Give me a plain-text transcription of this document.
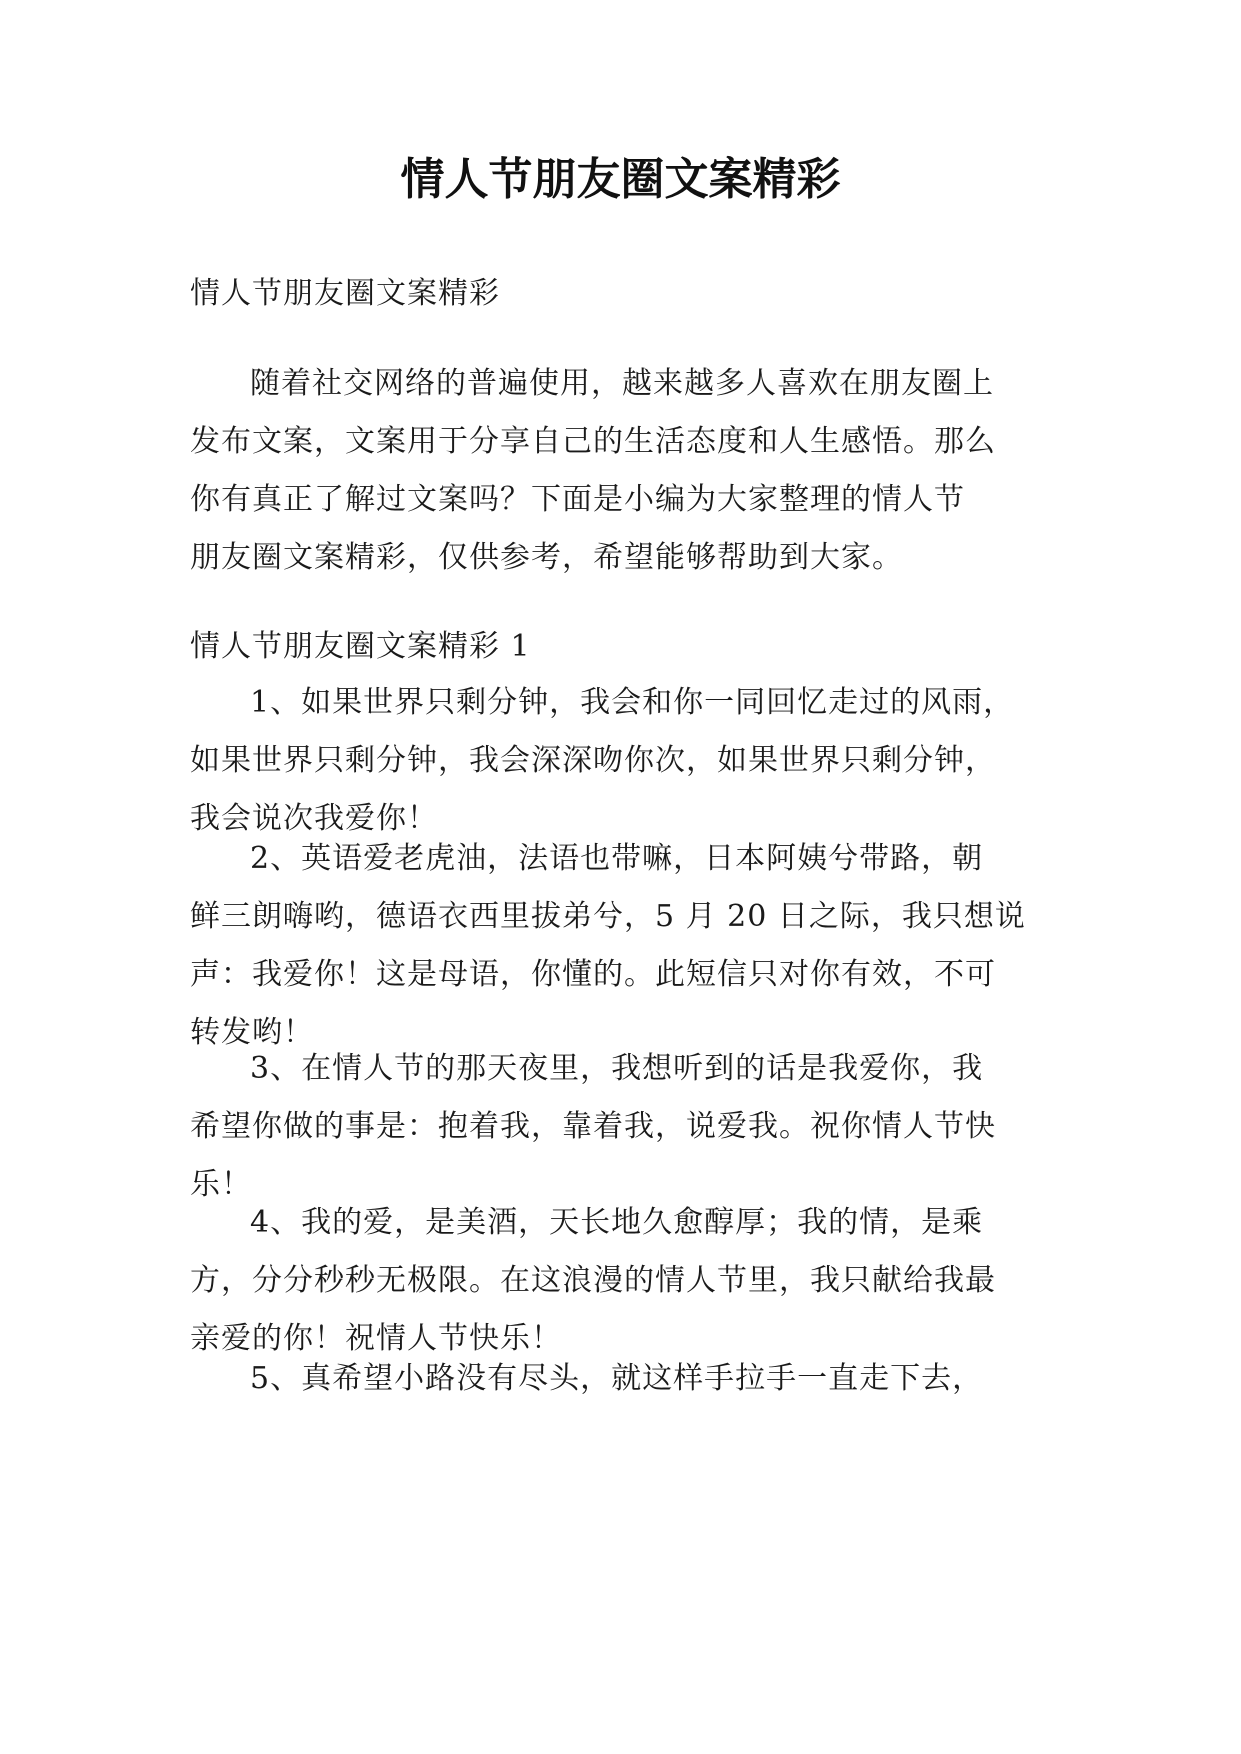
情人节朋友圈文案精彩

情人节朋友圈文案精彩

随着社交网络的普遍使用，越来越多人喜欢在朋友圈上
发布文案，文案用于分享自己的生活态度和人生感悟。那么
你有真正了解过文案吗？下面是小编为大家整理的情人节
朋友圈文案精彩，仅供参考，希望能够帮助到大家。

情人节朋友圈文案精彩 1

1、如果世界只剩分钟，我会和你一同回忆走过的风雨，
如果世界只剩分钟，我会深深吻你次，如果世界只剩分钟，
我会说次我爱你！
2、英语爱老虎油，法语也带嘛，日本阿姨兮带路，朝
鲜三朗嗨哟，德语衣西里拔弟兮，5 月 20 日之际，我只想说
声：我爱你！这是母语，你懂的。此短信只对你有效，不可
转发哟！
3、在情人节的那天夜里，我想听到的话是我爱你，我
希望你做的事是：抱着我，靠着我，说爱我。祝你情人节快
乐！
4、我的爱，是美酒，天长地久愈醇厚；我的情，是乘
方，分分秒秒无极限。在这浪漫的情人节里，我只献给我最
亲爱的你！祝情人节快乐！
5、真希望小路没有尽头，就这样手拉手一直走下去，
